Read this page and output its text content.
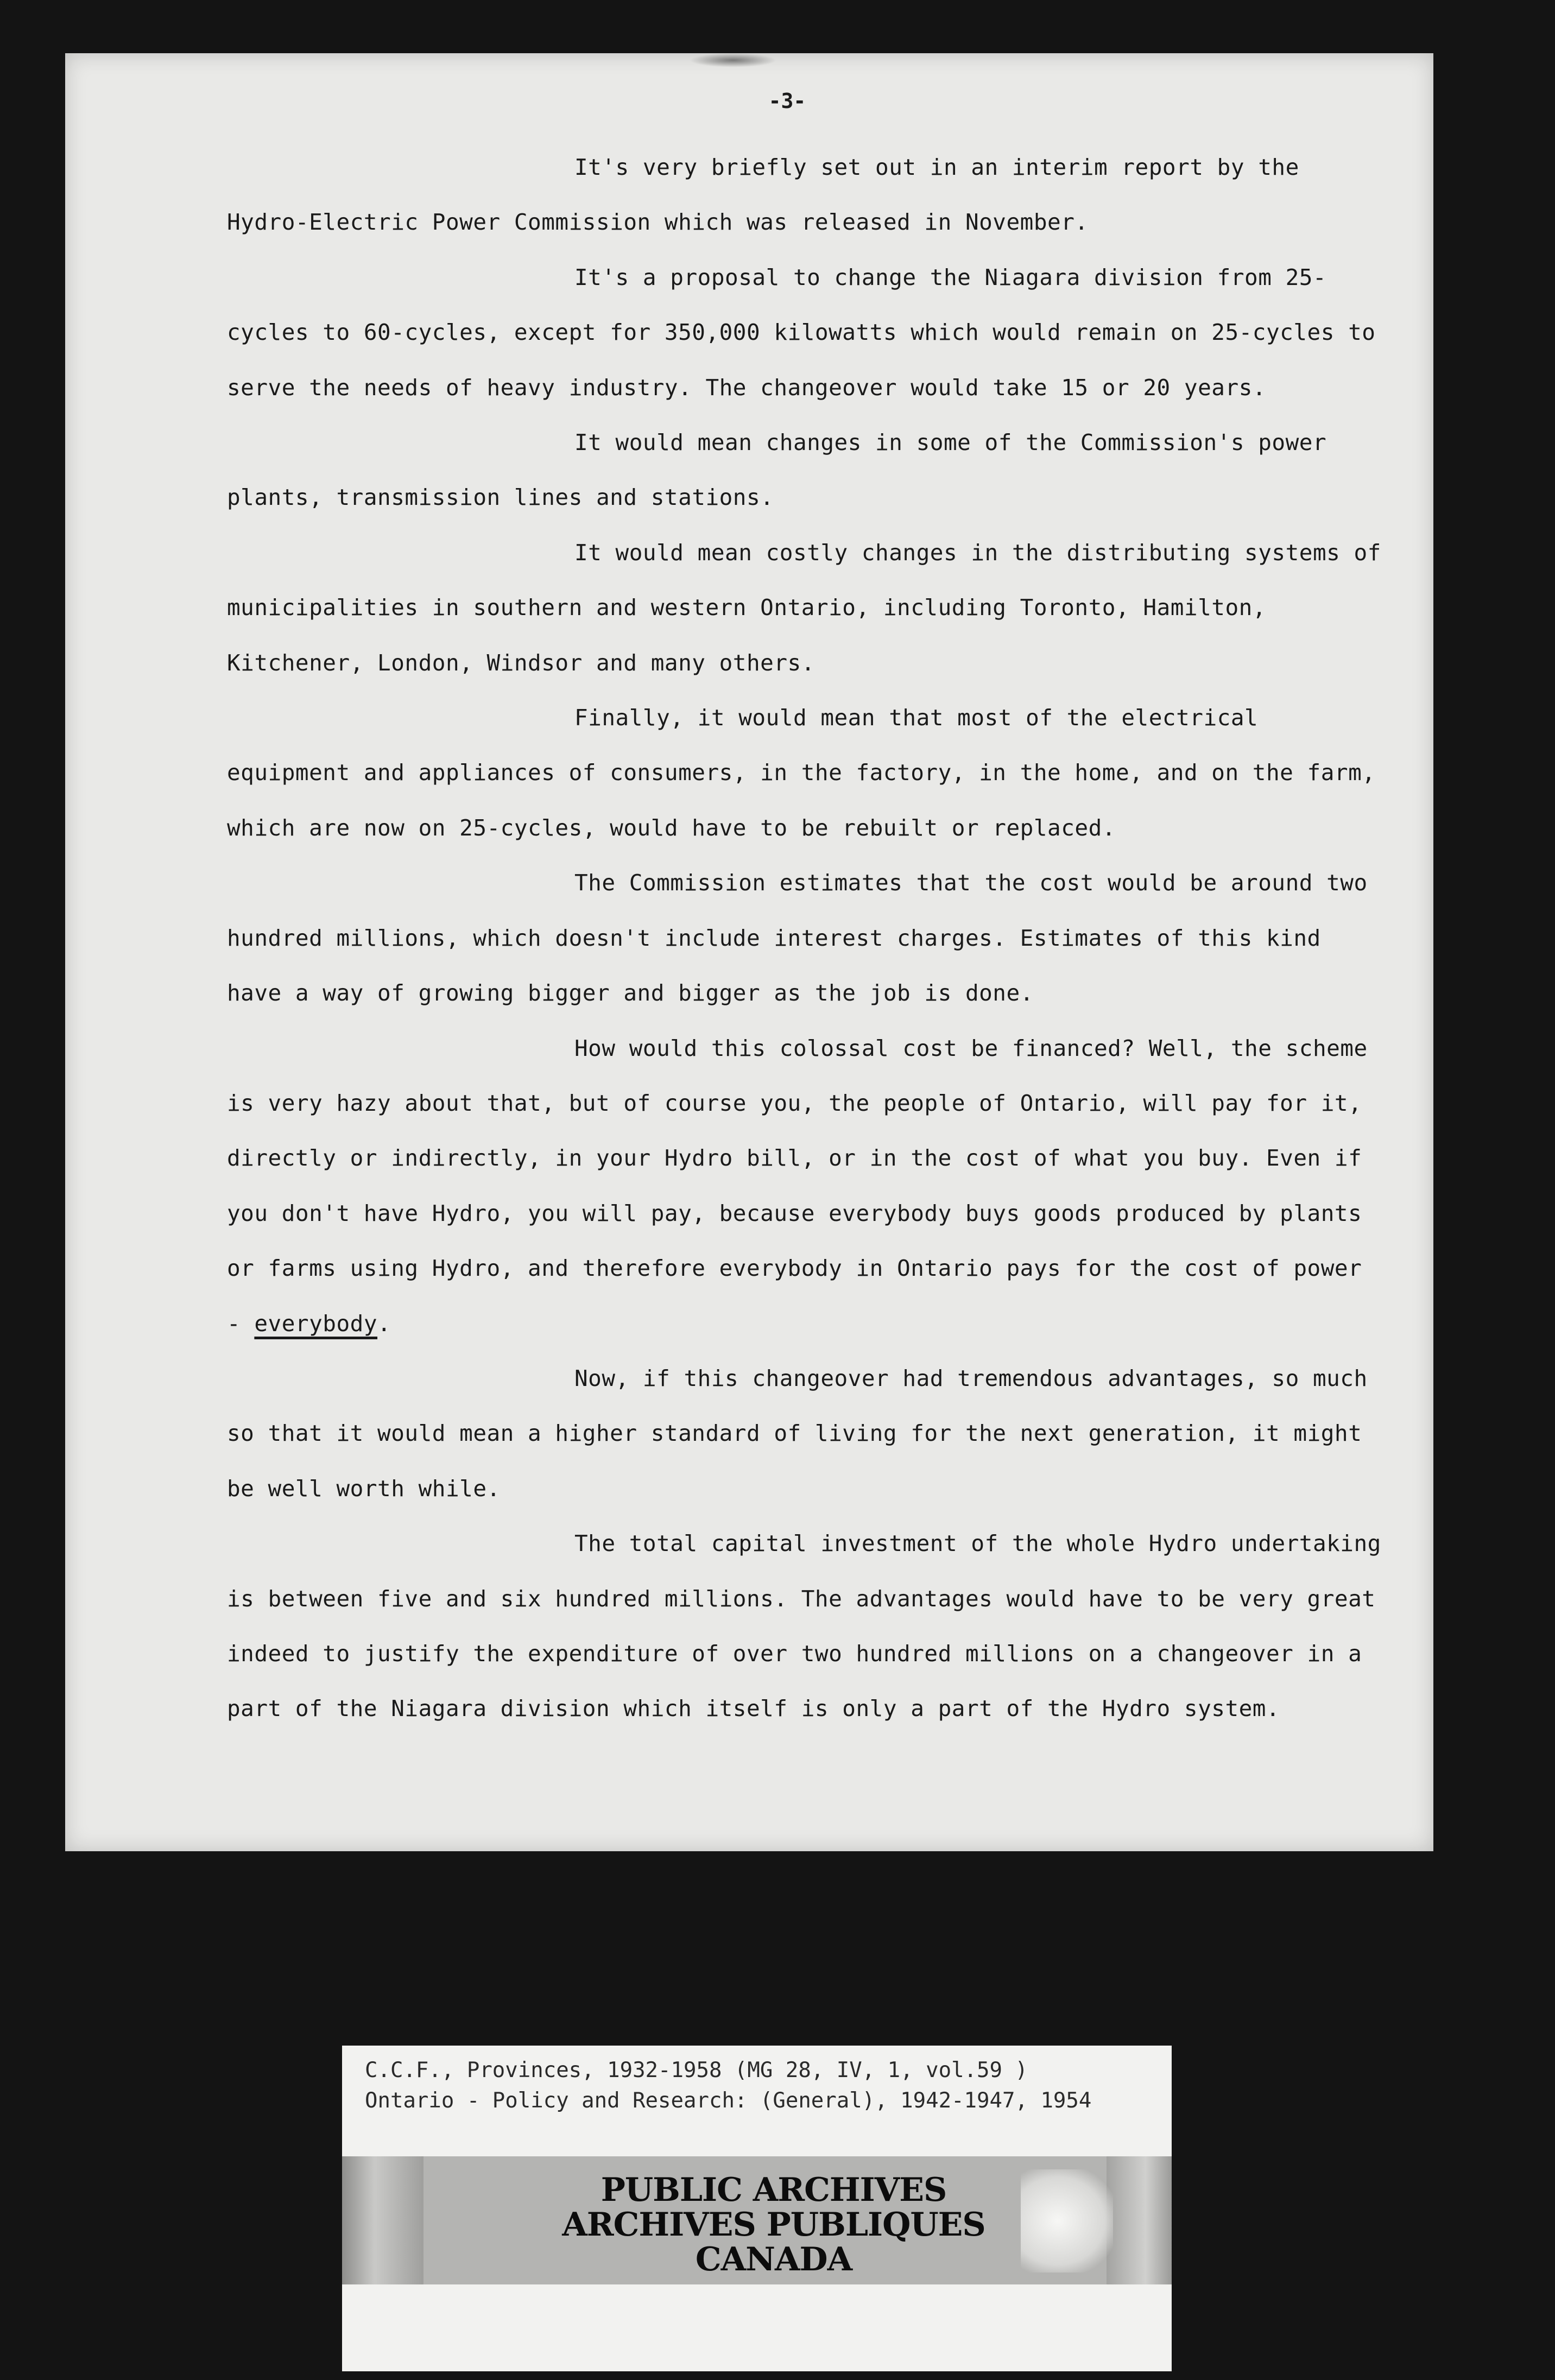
-3-

It's very briefly set out in an interim report by the Hydro-Electric Power Commission which was released in November.

It's a proposal to change the Niagara division from 25-cycles to 60-cycles, except for 350,000 kilowatts which would remain on 25-cycles to serve the needs of heavy industry. The changeover would take 15 or 20 years.

It would mean changes in some of the Commission's power plants, transmission lines and stations.

It would mean costly changes in the distributing systems of municipalities in southern and western Ontario, including Toronto, Hamilton, Kitchener, London, Windsor and many others.

Finally, it would mean that most of the electrical equipment and appliances of consumers, in the factory, in the home, and on the farm, which are now on 25-cycles, would have to be rebuilt or replaced.

The Commission estimates that the cost would be around two hundred millions, which doesn't include interest charges. Estimates of this kind have a way of growing bigger and bigger as the job is done.

How would this colossal cost be financed? Well, the scheme is very hazy about that, but of course you, the people of Ontario, will pay for it, directly or indirectly, in your Hydro bill, or in the cost of what you buy. Even if you don't have Hydro, you will pay, because everybody buys goods produced by plants or farms using Hydro, and therefore everybody in Ontario pays for the cost of power - everybody.

Now, if this changeover had tremendous advantages, so much so that it would mean a higher standard of living for the next generation, it might be well worth while.

The total capital investment of the whole Hydro undertaking is between five and six hundred millions. The advantages would have to be very great indeed to justify the expenditure of over two hundred millions on a changeover in a part of the Niagara division which itself is only a part of the Hydro system.

C.C.F., Provinces, 1932-1958 (MG 28, IV, 1, vol.59 )
Ontario - Policy and Research: (General), 1942-1947, 1954
PUBLIC ARCHIVES
ARCHIVES PUBLIQUES
CANADA
